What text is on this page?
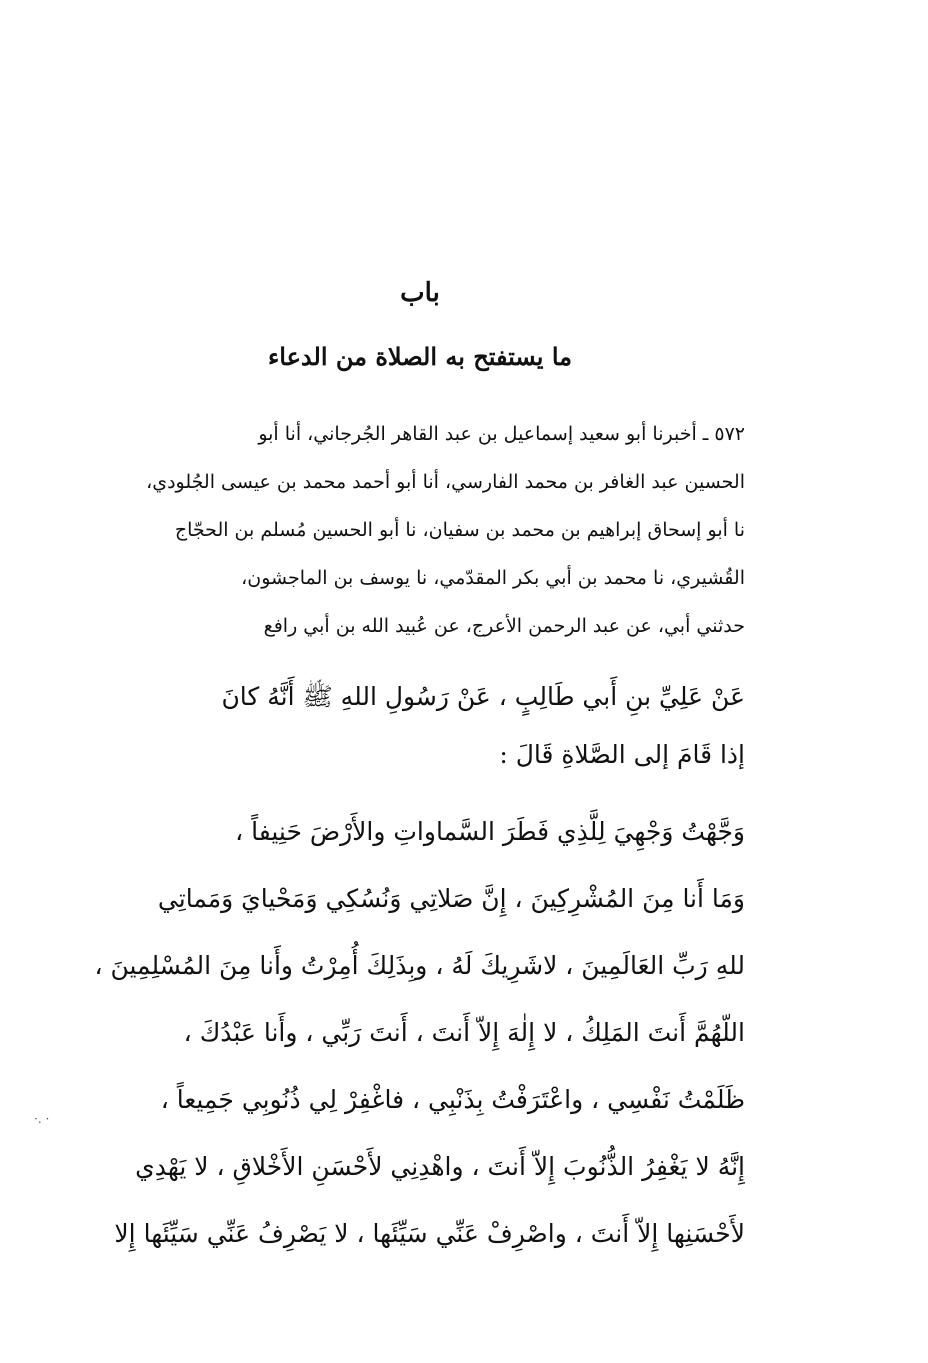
باب
ما يستفتح به الصلاة من الدعاء
٥٧٢ ـ أخبرنا أبو سعيد إسماعيل بن عبد القاهر الجُرجاني، أنا أبو
الحسين عبد الغافر بن محمد الفارسي، أنا أبو أحمد محمد بن عيسى الجُلودي،
نا أبو إسحاق إبراهيم بن محمد بن سفيان، نا أبو الحسين مُسلم بن الحجّاج
القُشيري، نا محمد بن أبي بكر المقدّمي، نا يوسف بن الماجشون،
حدثني أبي، عن عبد الرحمن الأعرج، عن عُبيد الله بن أبي رافع
عَنْ عَلِيِّ بنِ أَبي طَالِبٍ ، عَنْ رَسُولِ اللهِ ﷺ أَنَّهُ كانَ
إذا قَامَ إلى الصَّلاةِ قَالَ :
وَجَّهْتُ وَجْهِيَ لِلَّذِي فَطَرَ السَّماواتِ والأَرْضَ حَنِيفاً ،
وَمَا أَنا مِنَ المُشْرِكِينَ ، إِنَّ صَلاتِي وَنُسُكِي وَمَحْيايَ وَمَماتِي
للهِ رَبِّ العَالَمِينَ ، لاشَرِيكَ لَهُ ، وبِذَلِكَ أُمِرْتُ وأَنا مِنَ المُسْلِمِينَ ،
اللّهُمَّ أَنتَ المَلِكُ ، لا إِلٰهَ إِلاّ أَنتَ ، أَنتَ رَبِّي ، وأَنا عَبْدُكَ ،
ظَلَمْتُ نَفْسِي ، واعْتَرَفْتُ بِذَنْبِي ، فاغْفِرْ لِي ذُنُوبِي جَمِيعاً ،
إِنَّهُ لا يَغْفِرُ الذُّنُوبَ إِلاّ أَنتَ ، واهْدِنِي لأَحْسَنِ الأَخْلاقِ ، لا يَهْدِي
لأَحْسَنِها إِلاّ أَنتَ ، واصْرِفْ عَنِّي سَيِّئَها ، لا يَصْرِفُ عَنِّي سَيِّئَها إِلا
·. ·
